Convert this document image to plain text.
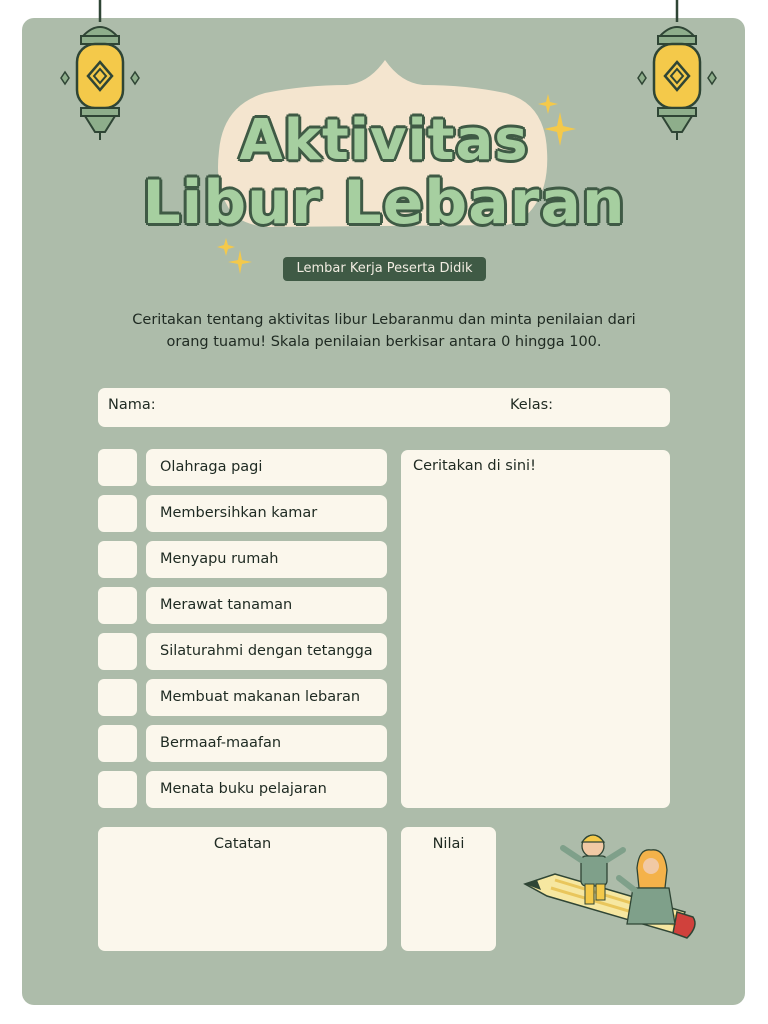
Aktivitas
Libur Lebaran
Lembar Kerja Peserta Didik
Ceritakan tentang aktivitas libur Lebaranmu dan minta penilaian dari orang tuamu! Skala penilaian berkisar antara 0 hingga 100.
Nama:	Kelas:
Olahraga pagi
Membersihkan kamar
Menyapu rumah
Merawat tanaman
Silaturahmi dengan tetangga
Membuat makanan lebaran
Bermaaf-maafan
Menata buku pelajaran
Ceritakan di sini!
Catatan	Nilai
